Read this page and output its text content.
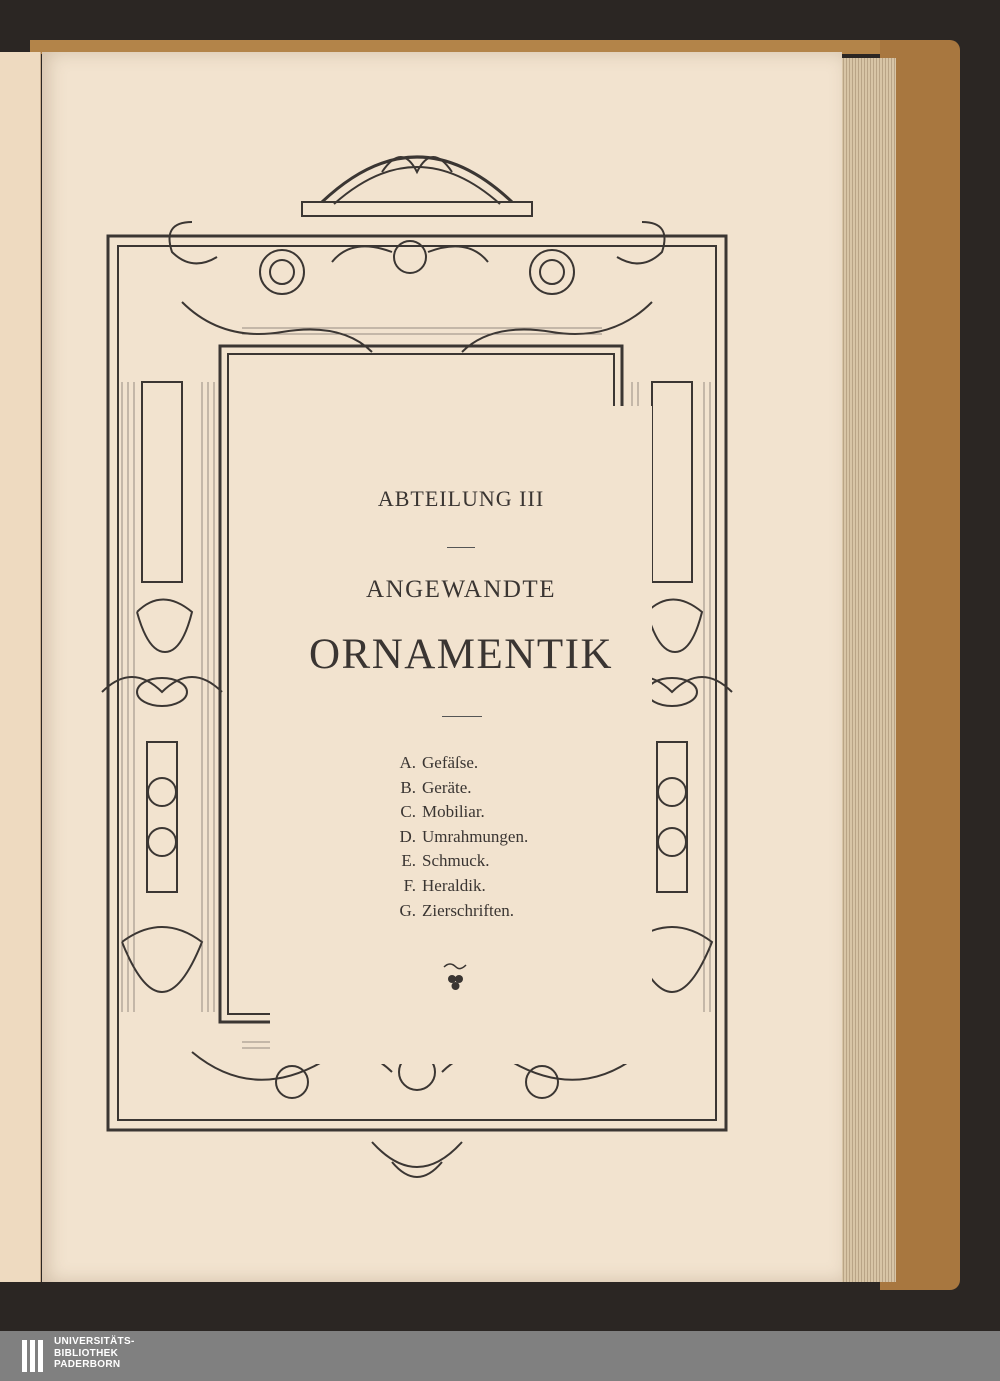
ABTEILUNG III
ANGEWANDTE
ORNAMENTIK
A. Gefäſse.
B. Geräte.
C. Mobiliar.
D. Umrahmungen.
E. Schmuck.
F. Heraldik.
G. Zierschriften.
UNIVERSITÄTS-
BIBLIOTHEK
PADERBORN
